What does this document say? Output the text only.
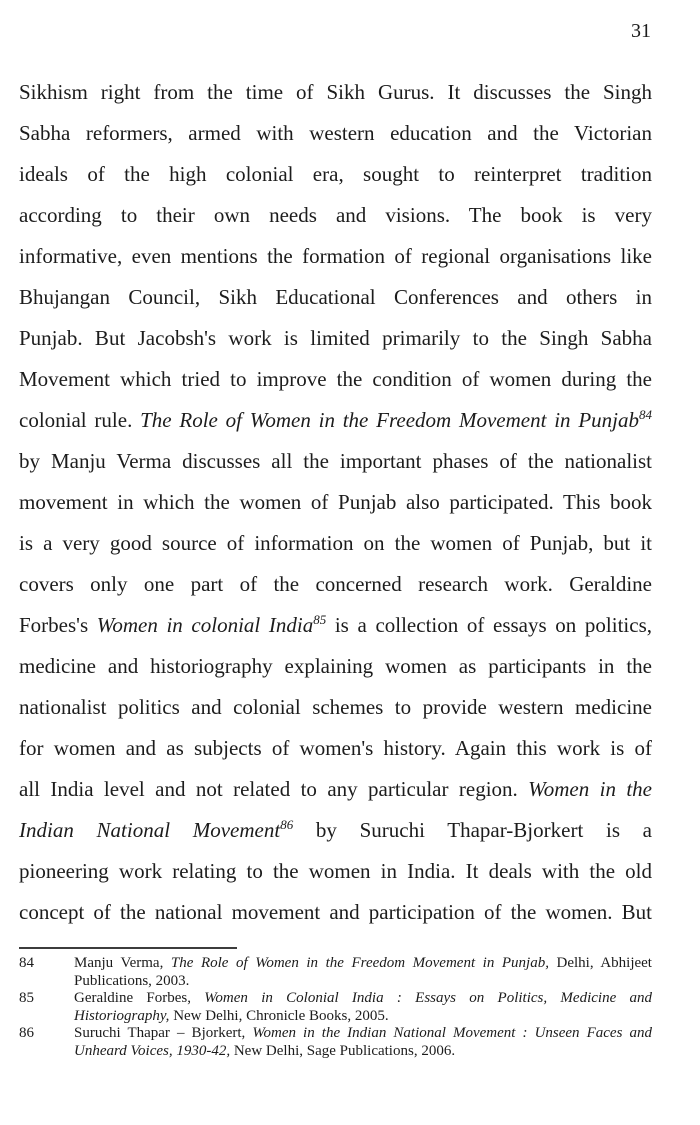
31
Sikhism right from the time of Sikh Gurus. It discusses the Singh
Sabha reformers, armed with western education and the Victorian
ideals of the high colonial era, sought to reinterpret tradition
according to their own needs and visions. The book is very
informative, even mentions the formation of regional organisations like
Bhujangan Council, Sikh Educational Conferences and others in
Punjab. But Jacobsh's work is limited primarily to the Singh Sabha
Movement which tried to improve the condition of women during the
colonial rule. The Role of Women in the Freedom Movement in Punjab$^{84}$
by Manju Verma discusses all the important phases of the nationalist
movement in which the women of Punjab also participated. This book
is a very good source of information on the women of Punjab, but it
covers only one part of the concerned research work. Geraldine
Forbes's Women in colonial India$^{85}$ is a collection of essays on politics,
medicine and historiography explaining women as participants in the
nationalist politics and colonial schemes to provide western medicine
for women and as subjects of women's history. Again this work is of
all India level and not related to any particular region. Women in the
Indian National Movement$^{86}$ by Suruchi Thapar-Bjorkert is a
pioneering work relating to the women in India. It deals with the old
concept of the national movement and participation of the women. But
84	Manju Verma, The Role of Women in the Freedom Movement in Punjab, Delhi, Abhijeet
Publications, 2003.
85	Geraldine Forbes, Women in Colonial India : Essays on Politics, Medicine and
Historiography, New Delhi, Chronicle Books, 2005.
86	Suruchi Thapar – Bjorkert, Women in the Indian National Movement : Unseen Faces and
Unheard Voices, 1930-42, New Delhi, Sage Publications, 2006.
